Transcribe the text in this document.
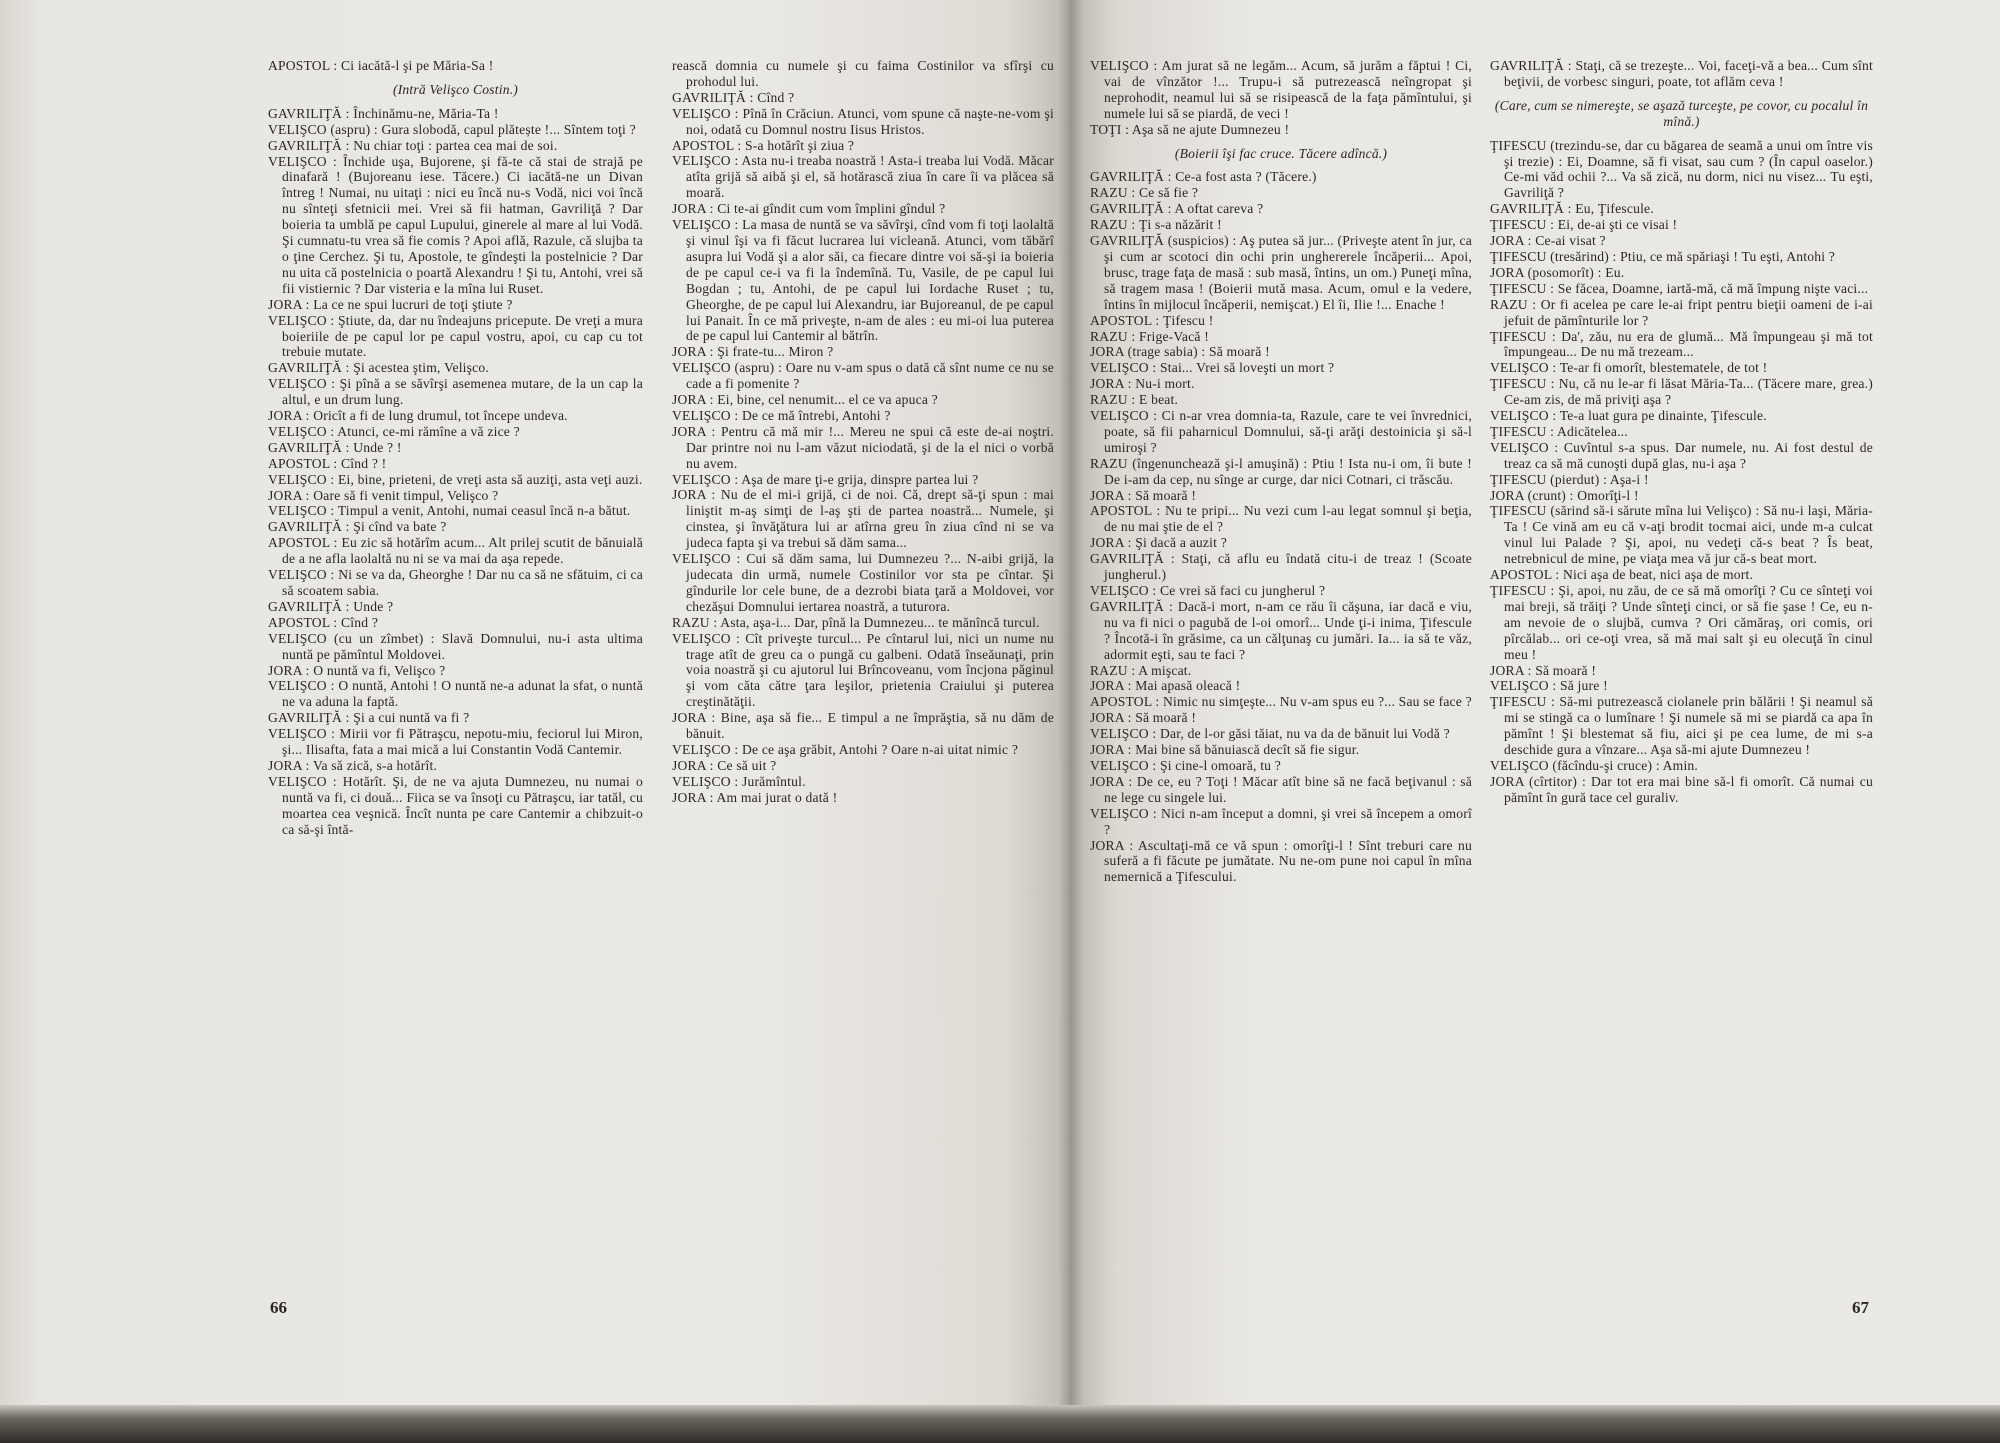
APOSTOL : Ci iacătă-l şi pe Măria-Sa !

(Intră Velişco Costin.)

GAVRILIŢĂ : Închinămu-ne, Măria-Ta !

VELIŞCO (aspru) : Gura slobodă, capul plătește !... Sîntem toţi ?

GAVRILIŢĂ : Nu chiar toţi : partea cea mai de soi.

VELIŞCO : Închide uşa, Bujorene, şi fă-te că stai de strajă pe dinafară ! (Bujoreanu iese. Tăcere.) Ci iacătă-ne un Divan întreg ! Numai, nu uitaţi : nici eu încă nu-s Vodă, nici voi încă nu sînteţi sfetnicii mei. Vrei să fii hatman, Gavriliţă ? Dar boieria ta umblă pe capul Lupului, ginerele al mare al lui Vodă. Şi cumnatu-tu vrea să fie comis ? Apoi află, Razule, că slujba ta o ţine Cerchez. Şi tu, Apostole, te gîndeşti la postelnicie ? Dar nu uita că postelnicia o poartă Alexandru ! Şi tu, Antohi, vrei să fii vistiernic ? Dar visteria e la mîna lui Ruset.

JORA : La ce ne spui lucruri de toţi ştiute ?

VELIŞCO : Ştiute, da, dar nu îndeajuns pricepute. De vreţi a mura boieriile de pe capul lor pe capul vostru, apoi, cu cap cu tot trebuie mutate.

GAVRILIŢĂ : Şi acestea ştim, Velişco.

VELIŞCO : Şi pînă a se săvîrşi asemenea mutare, de la un cap la altul, e un drum lung.

JORA : Oricît a fi de lung drumul, tot începe undeva.

VELIŞCO : Atunci, ce-mi rămîne a vă zice ?

GAVRILIŢĂ : Unde ? !

APOSTOL : Cînd ? !

VELIŞCO : Ei, bine, prieteni, de vreţi asta să auziţi, asta veţi auzi.

JORA : Oare să fi venit timpul, Velişco ?

VELIŞCO : Timpul a venit, Antohi, numai ceasul încă n-a bătut.

GAVRILIŢĂ : Şi cînd va bate ?

APOSTOL : Eu zic să hotărîm acum... Alt prilej scutit de bănuială de a ne afla laolaltă nu ni se va mai da aşa repede.

VELIŞCO : Ni se va da, Gheorghe ! Dar nu ca să ne sfătuim, ci ca să scoatem sabia.

GAVRILIŢĂ : Unde ?

APOSTOL : Cînd ?

VELIŞCO (cu un zîmbet) : Slavă Domnului, nu-i asta ultima nuntă pe pămîntul Moldovei.

JORA : O nuntă va fi, Velişco ?

VELIŞCO : O nuntă, Antohi ! O nuntă ne-a adunat la sfat, o nuntă ne va aduna la faptă.

GAVRILIŢĂ : Şi a cui nuntă va fi ?

VELIŞCO : Mirii vor fi Pătraşcu, nepotu-miu, feciorul lui Miron, şi... Ilisafta, fata a mai mică a lui Constantin Vodă Cantemir.

JORA : Va să zică, s-a hotărît.

VELIŞCO : Hotărît. Şi, de ne va ajuta Dumnezeu, nu numai o nuntă va fi, ci două... Fiica se va însoţi cu Pătraşcu, iar tatăl, cu moartea cea veşnică. Încît nunta pe care Cantemir a chibzuit-o ca să-şi întă-

rească domnia cu numele şi cu faima Costinilor va sfîrşi cu prohodul lui.

GAVRILIŢĂ : Cînd ?

VELIŞCO : Pînă în Crăciun. Atunci, vom spune că naşte-ne-vom şi noi, odată cu Domnul nostru Iisus Hristos.

APOSTOL : S-a hotărît şi ziua ?

VELIŞCO : Asta nu-i treaba noastră ! Asta-i treaba lui Vodă. Măcar atîta grijă să aibă şi el, să hotărască ziua în care îi va plăcea să moară.

JORA : Ci te-ai gîndit cum vom împlini gîndul ?

VELIŞCO : La masa de nuntă se va săvîrşi, cînd vom fi toţi laolaltă şi vinul îşi va fi făcut lucrarea lui vicleană. Atunci, vom tăbărî asupra lui Vodă şi a alor săi, ca fiecare dintre voi să-şi ia boieria de pe capul ce-i va fi la îndemînă. Tu, Vasile, de pe capul lui Bogdan ; tu, Antohi, de pe capul lui Iordache Ruset ; tu, Gheorghe, de pe capul lui Alexandru, iar Bujoreanul, de pe capul lui Panait. În ce mă priveşte, n-am de ales : eu mi-oi lua puterea de pe capul lui Cantemir al bătrîn.

JORA : Şi frate-tu... Miron ?

VELIŞCO (aspru) : Oare nu v-am spus o dată că sînt nume ce nu se cade a fi pomenite ?

JORA : Ei, bine, cel nenumit... el ce va apuca ?

VELIŞCO : De ce mă întrebi, Antohi ?

JORA : Pentru că mă mir !... Mereu ne spui că este de-ai noştri. Dar printre noi nu l-am văzut niciodată, şi de la el nici o vorbă nu avem.

VELIŞCO : Aşa de mare ţi-e grija, dinspre partea lui ?

JORA : Nu de el mi-i grijă, ci de noi. Că, drept să-ţi spun : mai liniştit m-aş simţi de l-aş şti de partea noastră... Numele, şi cinstea, şi învăţătura lui ar atîrna greu în ziua cînd ni se va judeca fapta şi va trebui să dăm sama...

VELIŞCO : Cui să dăm sama, lui Dumnezeu ?... N-aibi grijă, la judecata din urmă, numele Costinilor vor sta pe cîntar. Şi gîndurile lor cele bune, de a dezrobi biata ţară a Moldovei, vor chezăşui Domnului iertarea noastră, a tuturora.

RAZU : Asta, aşa-i... Dar, pînă la Dumnezeu... te mănîncă turcul.

VELIŞCO : Cît priveşte turcul... Pe cîntarul lui, nici un nume nu trage atît de greu ca o pungă cu galbeni. Odată înseăunaţi, prin voia noastră şi cu ajutorul lui Brîncoveanu, vom încjona păginul şi vom căta către ţara leşilor, prietenia Craiului şi puterea creştinătăţii.

JORA : Bine, aşa să fie... E timpul a ne împrăştia, să nu dăm de bănuit.

VELIŞCO : De ce aşa grăbit, Antohi ? Oare n-ai uitat nimic ?

JORA : Ce să uit ?

VELIŞCO : Jurămîntul.

JORA : Am mai jurat o dată !

66

VELIŞCO : Am jurat să ne legăm... Acum, să jurăm a făptui ! Ci, vai de vînzător !... Trupu-i să putrezească neîngropat şi neprohodit, neamul lui să se risipească de la faţa pămîntului, şi numele lui să se piardă, de veci !

TOŢI : Aşa să ne ajute Dumnezeu !

(Boierii îşi fac cruce. Tăcere adîncă.)

GAVRILIŢĂ : Ce-a fost asta ? (Tăcere.)

RAZU : Ce să fie ?

GAVRILIŢĂ : A oftat careva ?

RAZU : Ţi s-a năzărit !

GAVRILIŢĂ (suspicios) : Aş putea să jur... (Priveşte atent în jur, ca şi cum ar scotoci din ochi prin unghererele încăperii... Apoi, brusc, trage faţa de masă : sub masă, întins, un om.) Puneţi mîna, să tragem masa ! (Boierii mută masa. Acum, omul e la vedere, întins în mijlocul încăperii, nemişcat.) El îi, Ilie !... Enache !

APOSTOL : Ţifescu !

RAZU : Frige-Vacă !

JORA (trage sabia) : Să moară !

VELIŞCO : Stai... Vrei să loveşti un mort ?

JORA : Nu-i mort.

RAZU : E beat.

VELIŞCO : Ci n-ar vrea domnia-ta, Razule, care te vei învrednici, poate, să fii paharnicul Domnului, să-ţi arăţi destoinicia şi să-l umiroşi ?

RAZU (îngenunchează şi-l amuşină) : Ptiu ! Ista nu-i om, îi bute ! De i-am da cep, nu sînge ar curge, dar nici Cotnari, ci trăscău.

JORA : Să moară !

APOSTOL : Nu te pripi... Nu vezi cum l-au legat somnul şi beţia, de nu mai ştie de el ?

JORA : Şi dacă a auzit ?

GAVRILIŢĂ : Staţi, că aflu eu îndată citu-i de treaz ! (Scoate jungherul.)

VELIŞCO : Ce vrei să faci cu jungherul ?

GAVRILIŢĂ : Dacă-i mort, n-am ce rău îi căşuna, iar dacă e viu, nu va fi nici o pagubă de l-oi omorî... Unde ţi-i inima, Ţifescule ? Încotă-i în grăsime, ca un călţunaş cu jumări. Ia... ia să te văz, adormit eşti, sau te faci ?

RAZU : A mişcat.

JORA : Mai apasă oleacă !

APOSTOL : Nimic nu simţeşte... Nu v-am spus eu ?... Sau se face ?

JORA : Să moară !

VELIŞCO : Dar, de l-or găsi tăiat, nu va da de bănuit lui Vodă ?

JORA : Mai bine să bănuiască decît să fie sigur.

VELIŞCO : Şi cine-l omoară, tu ?

JORA : De ce, eu ? Toţi ! Măcar atît bine să ne facă beţivanul : să ne lege cu singele lui.

VELIŞCO : Nici n-am început a domni, şi vrei să începem a omorî ?

JORA : Ascultaţi-mă ce vă spun : omorîţi-l ! Sînt treburi care nu suferă a fi făcute pe jumătate. Nu ne-om pune noi capul în mîna nemernică a Ţifescului.

GAVRILIŢĂ : Staţi, că se trezeşte... Voi, faceţi-vă a bea... Cum sînt beţivii, de vorbesc singuri, poate, tot aflăm ceva !

(Care, cum se nimereşte, se aşază turceşte, pe covor, cu pocalul în mînă.)

ŢIFESCU (trezindu-se, dar cu băgarea de seamă a unui om între vis şi trezie) : Ei, Doamne, să fi visat, sau cum ? (În capul oaselor.) Ce-mi văd ochii ?... Va să zică, nu dorm, nici nu visez... Tu eşti, Gavriliţă ?

GAVRILIŢĂ : Eu, Ţifescule.

ŢIFESCU : Ei, de-ai şti ce visai !

JORA : Ce-ai visat ?

ŢIFESCU (tresărind) : Ptiu, ce mă spăriaşi ! Tu eşti, Antohi ?

JORA (posomorît) : Eu.

ŢIFESCU : Se făcea, Doamne, iartă-mă, că mă împung nişte vaci...

RAZU : Or fi acelea pe care le-ai fript pentru bieţii oameni de i-ai jefuit de pămînturile lor ?

ŢIFESCU : Da', zău, nu era de glumă... Mă împungeau şi mă tot împungeau... De nu mă trezeam...

VELIŞCO : Te-ar fi omorît, blestematele, de tot !

ŢIFESCU : Nu, că nu le-ar fi lăsat Măria-Ta... (Tăcere mare, grea.) Ce-am zis, de mă priviţi aşa ?

VELIŞCO : Te-a luat gura pe dinainte, Ţifescule.

ŢIFESCU : Adicătelea...

VELIŞCO : Cuvîntul s-a spus. Dar numele, nu. Ai fost destul de treaz ca să mă cunoşti după glas, nu-i aşa ?

ŢIFESCU (pierdut) : Aşa-i !

JORA (crunt) : Omorîţi-l !

ŢIFESCU (sărind să-i sărute mîna lui Velişco) : Să nu-i laşi, Măria-Ta ! Ce vină am eu că v-aţi brodit tocmai aici, unde m-a culcat vinul lui Palade ? Şi, apoi, nu vedeţi că-s beat ? Îs beat, netrebnicul de mine, pe viaţa mea vă jur că-s beat mort.

APOSTOL : Nici aşa de beat, nici aşa de mort.

ŢIFESCU : Şi, apoi, nu zău, de ce să mă omorîţi ? Cu ce sînteţi voi mai breji, să trăiţi ? Unde sînteţi cinci, or să fie şase ! Ce, eu n-am nevoie de o slujbă, cumva ? Ori cămăraş, ori comis, ori pîrcălab... ori ce-oţi vrea, să mă mai salt şi eu olecuţă în cinul meu !

JORA : Să moară !

VELIŞCO : Să jure !

ŢIFESCU : Să-mi putrezească ciolanele prin bălării ! Şi neamul să mi se stingă ca o lumînare ! Şi numele să mi se piardă ca apa în pămînt ! Şi blestemat să fiu, aici şi pe cea lume, de mi s-a deschide gura a vînzare... Aşa să-mi ajute Dumnezeu !

VELIŞCO (făcîndu-şi cruce) : Amin.

JORA (cîrtitor) : Dar tot era mai bine să-l fi omorît. Că numai cu pămînt în gură tace cel guraliv.

67
